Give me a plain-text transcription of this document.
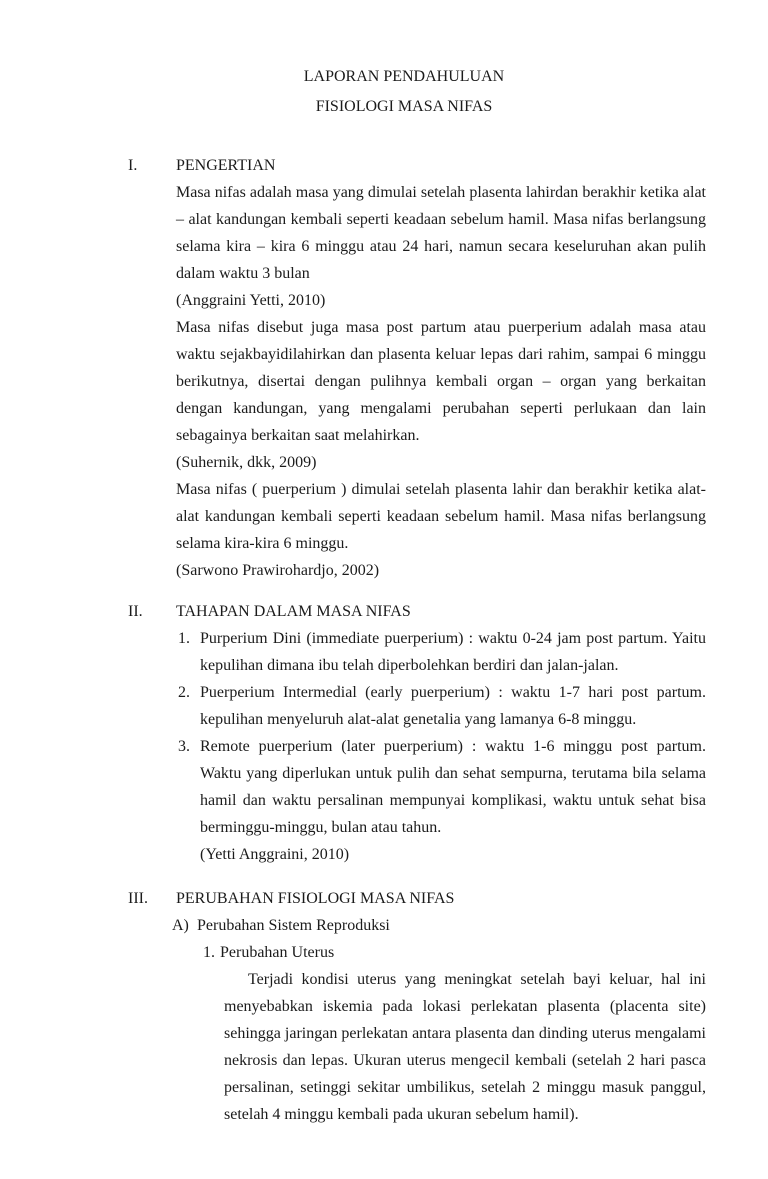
LAPORAN PENDAHULUAN
FISIOLOGI MASA NIFAS
I.	PENGERTIAN

Masa nifas adalah masa yang dimulai setelah plasenta lahirdan berakhir ketika alat – alat kandungan kembali seperti keadaan sebelum hamil. Masa nifas berlangsung selama kira – kira 6 minggu atau 24 hari, namun secara keseluruhan akan pulih dalam waktu 3 bulan

(Anggraini Yetti, 2010)

Masa nifas disebut juga masa post partum atau puerperium adalah masa atau waktu sejakbayidilahirkan dan plasenta keluar lepas dari rahim, sampai 6 minggu berikutnya, disertai dengan pulihnya kembali organ – organ yang berkaitan dengan kandungan, yang mengalami perubahan seperti perlukaan dan lain sebagainya berkaitan saat melahirkan.

(Suhernik, dkk, 2009)

Masa nifas ( puerperium ) dimulai setelah plasenta lahir dan berakhir ketika alat-alat kandungan kembali seperti keadaan sebelum hamil. Masa nifas berlangsung selama kira-kira 6 minggu.

(Sarwono Prawirohardjo, 2002)

II.	TAHAPAN DALAM MASA NIFAS
1. Purperium Dini (immediate puerperium) : waktu 0-24 jam post partum. Yaitu kepulihan dimana ibu telah diperbolehkan berdiri dan jalan-jalan.

2. Puerperium Intermedial (early puerperium) : waktu 1-7 hari post partum. kepulihan menyeluruh alat-alat genetalia yang lamanya 6-8 minggu.

3. Remote puerperium (later puerperium) : waktu 1-6 minggu post partum. Waktu yang diperlukan untuk pulih dan sehat sempurna, terutama bila selama hamil dan waktu persalinan mempunyai komplikasi, waktu untuk sehat bisa berminggu-minggu, bulan atau tahun.

(Yetti Anggraini, 2010)

III.	PERUBAHAN FISIOLOGI MASA NIFAS
A) Perubahan Sistem Reproduksi
1. Perubahan Uterus

Terjadi kondisi uterus yang meningkat setelah bayi keluar, hal ini menyebabkan iskemia pada lokasi perlekatan plasenta (placenta site) sehingga jaringan perlekatan antara plasenta dan dinding uterus mengalami nekrosis dan lepas. Ukuran uterus mengecil kembali (setelah 2 hari pasca persalinan, setinggi sekitar umbilikus, setelah 2 minggu masuk panggul, setelah 4 minggu kembali pada ukuran sebelum hamil).
